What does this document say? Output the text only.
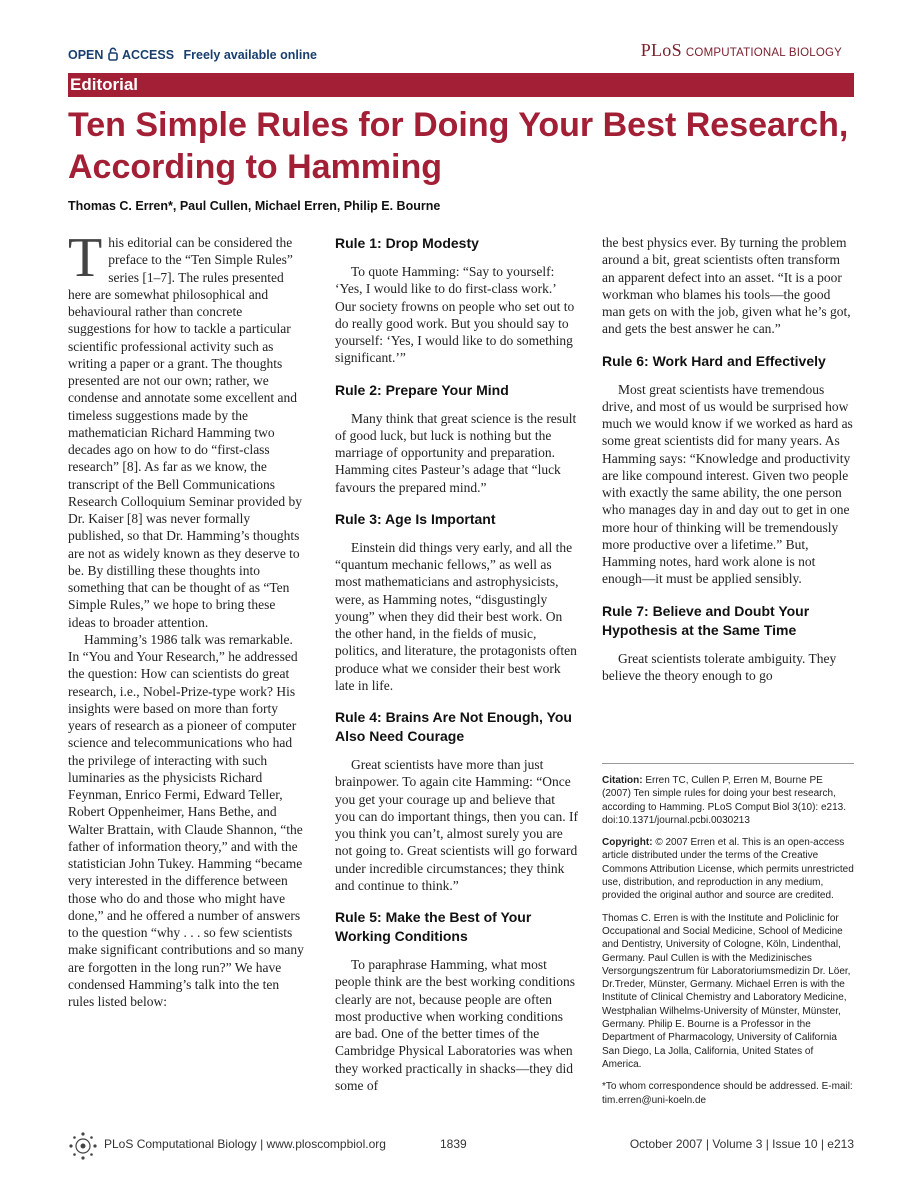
OPEN ACCESS Freely available online	PLoS COMPUTATIONAL BIOLOGY
Editorial
Ten Simple Rules for Doing Your Best Research, According to Hamming
Thomas C. Erren*, Paul Cullen, Michael Erren, Philip E. Bourne

This editorial can be considered the preface to the “Ten Simple Rules” series [1–7]. The rules presented here are somewhat philosophical and behavioural rather than concrete suggestions for how to tackle a particular scientific professional activity such as writing a paper or a grant. The thoughts presented are not our own; rather, we condense and annotate some excellent and timeless suggestions made by the mathematician Richard Hamming two decades ago on how to do “first-class research” [8]. As far as we know, the transcript of the Bell Communications Research Colloquium Seminar provided by Dr. Kaiser [8] was never formally published, so that Dr. Hamming’s thoughts are not as widely known as they deserve to be. By distilling these thoughts into something that can be thought of as “Ten Simple Rules,” we hope to bring these ideas to broader attention.

Hamming’s 1986 talk was remarkable. In “You and Your Research,” he addressed the question: How can scientists do great research, i.e., Nobel-Prize-type work? His insights were based on more than forty years of research as a pioneer of computer science and telecommunications who had the privilege of interacting with such luminaries as the physicists Richard Feynman, Enrico Fermi, Edward Teller, Robert Oppenheimer, Hans Bethe, and Walter Brattain, with Claude Shannon, “the father of information theory,” and with the statistician John Tukey. Hamming “became very interested in the difference between those who do and those who might have done,” and he offered a number of answers to the question “why . . . so few scientists make significant contributions and so many are forgotten in the long run?” We have condensed Hamming’s talk into the ten rules listed below:

Rule 1: Drop Modesty

To quote Hamming: “Say to yourself: ‘Yes, I would like to do first-class work.’ Our society frowns on people who set out to do really good work. But you should say to yourself: ‘Yes, I would like to do something significant.’”

Rule 2: Prepare Your Mind

Many think that great science is the result of good luck, but luck is nothing but the marriage of opportunity and preparation. Hamming cites Pasteur’s adage that “luck favours the prepared mind.”

Rule 3: Age Is Important

Einstein did things very early, and all the “quantum mechanic fellows,” as well as most mathematicians and astrophysicists, were, as Hamming notes, “disgustingly young” when they did their best work. On the other hand, in the fields of music, politics, and literature, the protagonists often produce what we consider their best work late in life.

Rule 4: Brains Are Not Enough, You Also Need Courage

Great scientists have more than just brainpower. To again cite Hamming: “Once you get your courage up and believe that you can do important things, then you can. If you think you can’t, almost surely you are not going to. Great scientists will go forward under incredible circumstances; they think and continue to think.”

Rule 5: Make the Best of Your Working Conditions

To paraphrase Hamming, what most people think are the best working conditions clearly are not, because people are often most productive when working conditions are bad. One of the better times of the Cambridge Physical Laboratories was when they worked practically in shacks—they did some of

the best physics ever. By turning the problem around a bit, great scientists often transform an apparent defect into an asset. “It is a poor workman who blames his tools—the good man gets on with the job, given what he’s got, and gets the best answer he can.”

Rule 6: Work Hard and Effectively

Most great scientists have tremendous drive, and most of us would be surprised how much we would know if we worked as hard as some great scientists did for many years. As Hamming says: “Knowledge and productivity are like compound interest. Given two people with exactly the same ability, the one person who manages day in and day out to get in one more hour of thinking will be tremendously more productive over a lifetime.” But, Hamming notes, hard work alone is not enough—it must be applied sensibly.

Rule 7: Believe and Doubt Your Hypothesis at the Same Time

Great scientists tolerate ambiguity. They believe the theory enough to go

Citation: Erren TC, Cullen P, Erren M, Bourne PE (2007) Ten simple rules for doing your best research, according to Hamming. PLoS Comput Biol 3(10): e213. doi:10.1371/journal.pcbi.0030213

Copyright: © 2007 Erren et al. This is an open-access article distributed under the terms of the Creative Commons Attribution License, which permits unrestricted use, distribution, and reproduction in any medium, provided the original author and source are credited.

Thomas C. Erren is with the Institute and Policlinic for Occupational and Social Medicine, School of Medicine and Dentistry, University of Cologne, Köln, Lindenthal, Germany. Paul Cullen is with the Medizinisches Versorgungszentrum für Laboratoriumsmedizin Dr. Löer, Dr.Treder, Münster, Germany. Michael Erren is with the Institute of Clinical Chemistry and Laboratory Medicine, Westphalian Wilhelms-University of Münster, Münster, Germany. Philip E. Bourne is a Professor in the Department of Pharmacology, University of California San Diego, La Jolla, California, United States of America.

*To whom correspondence should be addressed. E-mail: tim.erren@uni-koeln.de

PLoS Computational Biology | www.ploscompbiol.org	1839	October 2007 | Volume 3 | Issue 10 | e213
